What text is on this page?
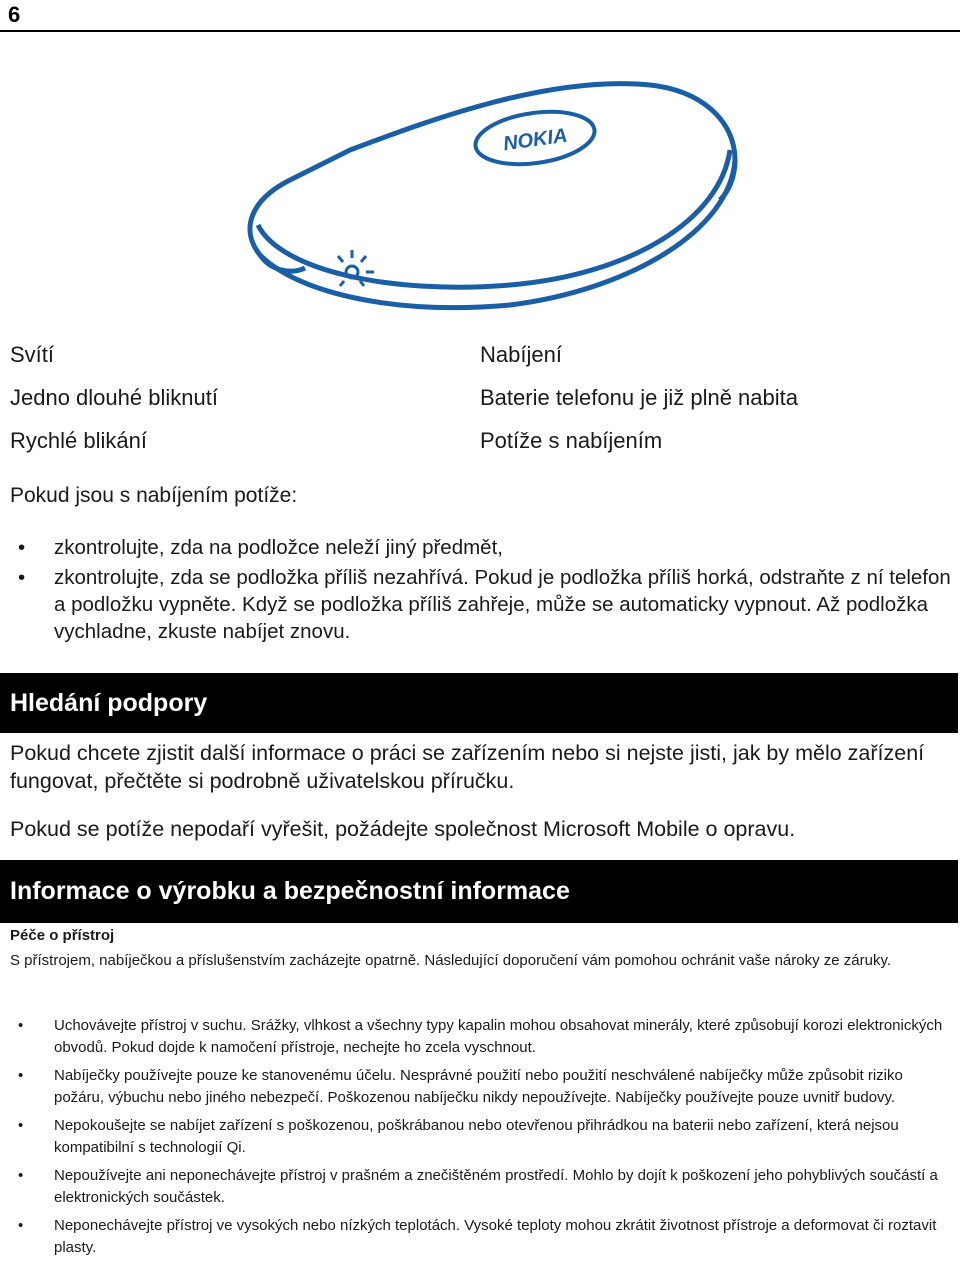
6
NOKIA
Svítí	Nabíjení
Jedno dlouhé bliknutí	Baterie telefonu je již plně nabita
Rychlé blikání	Potíže s nabíjením
Pokud jsou s nabíjením potíže:
• zkontrolujte, zda na podložce neleží jiný předmět,
• zkontrolujte, zda se podložka příliš nezahřívá. Pokud je podložka příliš horká, odstraňte z ní telefon a podložku vypněte. Když se podložka příliš zahřeje, může se automaticky vypnout. Až podložka vychladne, zkuste nabíjet znovu.
Hledání podpory
Pokud chcete zjistit další informace o práci se zařízením nebo si nejste jisti, jak by mělo zařízení fungovat, přečtěte si podrobně uživatelskou příručku.
Pokud se potíže nepodaří vyřešit, požádejte společnost Microsoft Mobile o opravu.
Informace o výrobku a bezpečnostní informace
Péče o přístroj
S přístrojem, nabíječkou a příslušenstvím zacházejte opatrně. Následující doporučení vám pomohou ochránit vaše nároky ze záruky.
• Uchovávejte přístroj v suchu. Srážky, vlhkost a všechny typy kapalin mohou obsahovat minerály, které způsobují korozi elektronických obvodů. Pokud dojde k namočení přístroje, nechejte ho zcela vyschnout.
• Nabíječky používejte pouze ke stanovenému účelu. Nesprávné použití nebo použití neschválené nabíječky může způsobit riziko požáru, výbuchu nebo jiného nebezpečí. Poškozenou nabíječku nikdy nepoužívejte. Nabíječky používejte pouze uvnitř budovy.
• Nepokoušejte se nabíjet zařízení s poškozenou, poškrábanou nebo otevřenou přihrádkou na baterii nebo zařízení, která nejsou kompatibilní s technologií Qi.
• Nepoužívejte ani neponechávejte přístroj v prašném a znečištěném prostředí. Mohlo by dojít k poškození jeho pohyblivých součástí a elektronických součástek.
• Neponechávejte přístroj ve vysokých nebo nízkých teplotách. Vysoké teploty mohou zkrátit životnost přístroje a deformovat či roztavit plasty.
